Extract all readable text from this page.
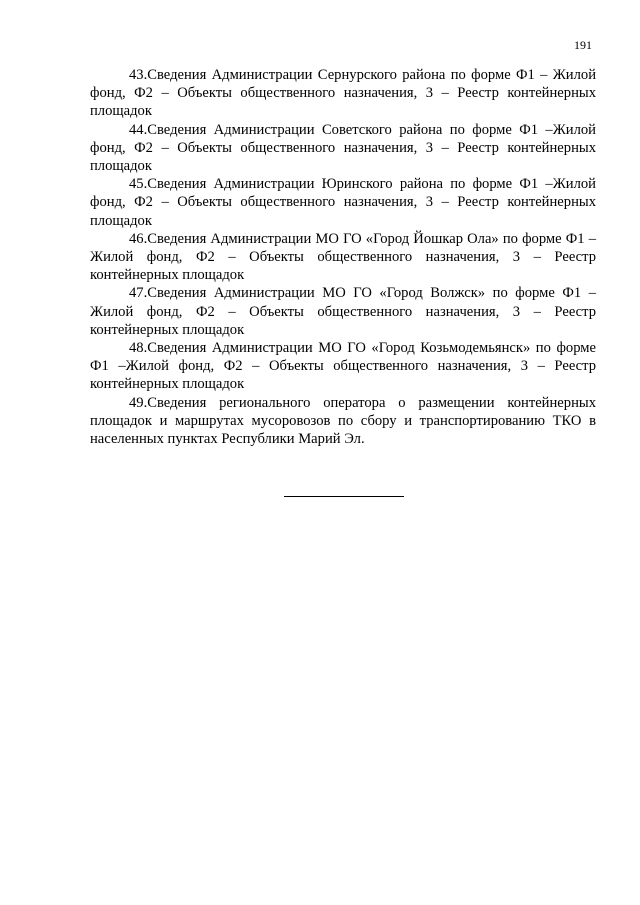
191

43.Сведения Администрации Сернурского района по форме Ф1 – Жилой фонд, Ф2 – Объекты общественного назначения, 3 – Реестр контейнерных площадок

44.Сведения Администрации Советского района по форме Ф1 –Жилой фонд, Ф2 – Объекты общественного назначения, 3 – Реестр контейнерных площадок

45.Сведения Администрации Юринского района по форме Ф1 –Жилой фонд, Ф2 – Объекты общественного назначения, 3 – Реестр контейнерных площадок

46.Сведения Администрации МО ГО «Город Йошкар Ола» по форме Ф1 –Жилой фонд, Ф2 – Объекты общественного назначения, 3 – Реестр контейнерных площадок

47.Сведения Администрации МО ГО «Город Волжск» по форме Ф1 – Жилой фонд, Ф2 – Объекты общественного назначения, 3 – Реестр контейнерных площадок

48.Сведения Администрации МО ГО «Город Козьмодемьянск» по форме Ф1 –Жилой фонд, Ф2 – Объекты общественного назначения, 3 – Реестр контейнерных площадок

49.Сведения регионального оператора о размещении контейнерных площадок и маршрутах мусоровозов по сбору и транспортированию ТКО в населенных пунктах Республики Марий Эл.
